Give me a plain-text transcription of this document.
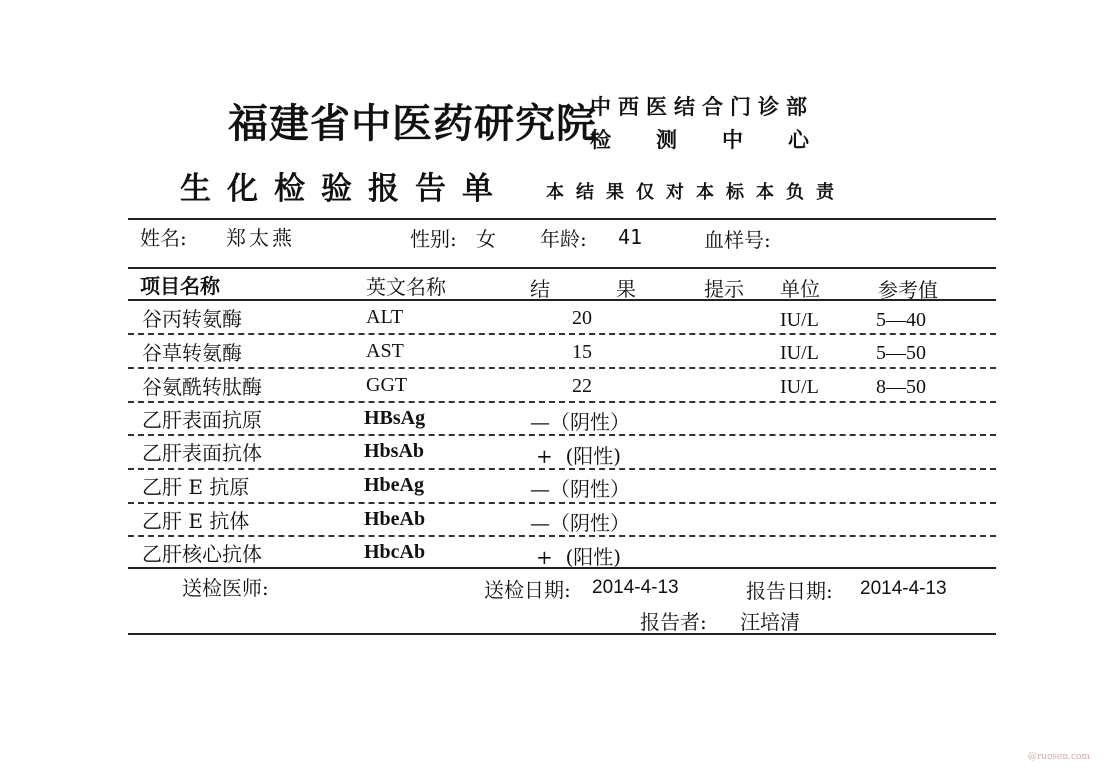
福建省中医药研究院
中西医结合门诊部
检测中心
生化检验报告单 本结果仅对本标本负责
姓名: 郑太燕	性别: 女 年龄: 41	血样号:
项目名称	英文名称	结	果	提示 单位	参考值
谷丙转氨酶	ALT	20	IU/L	5—40
谷草转氨酶	AST	15	IU/L	5—50
谷氨酰转肽酶	GGT	22	IU/L	8—50
乙肝表面抗原	HBsAg	—（阴性）
乙肝表面抗体	HbsAb	+  (阳性)
乙肝 E 抗原	HbeAg	—（阴性）
乙肝 E 抗体	HbeAb	—（阴性）
乙肝核心抗体	HbcAb	+  (阳性)
送检医师:	送检日期: 2014-4-13	报告日期: 2014-4-13
报告者: 汪培清
@ruosen.com
